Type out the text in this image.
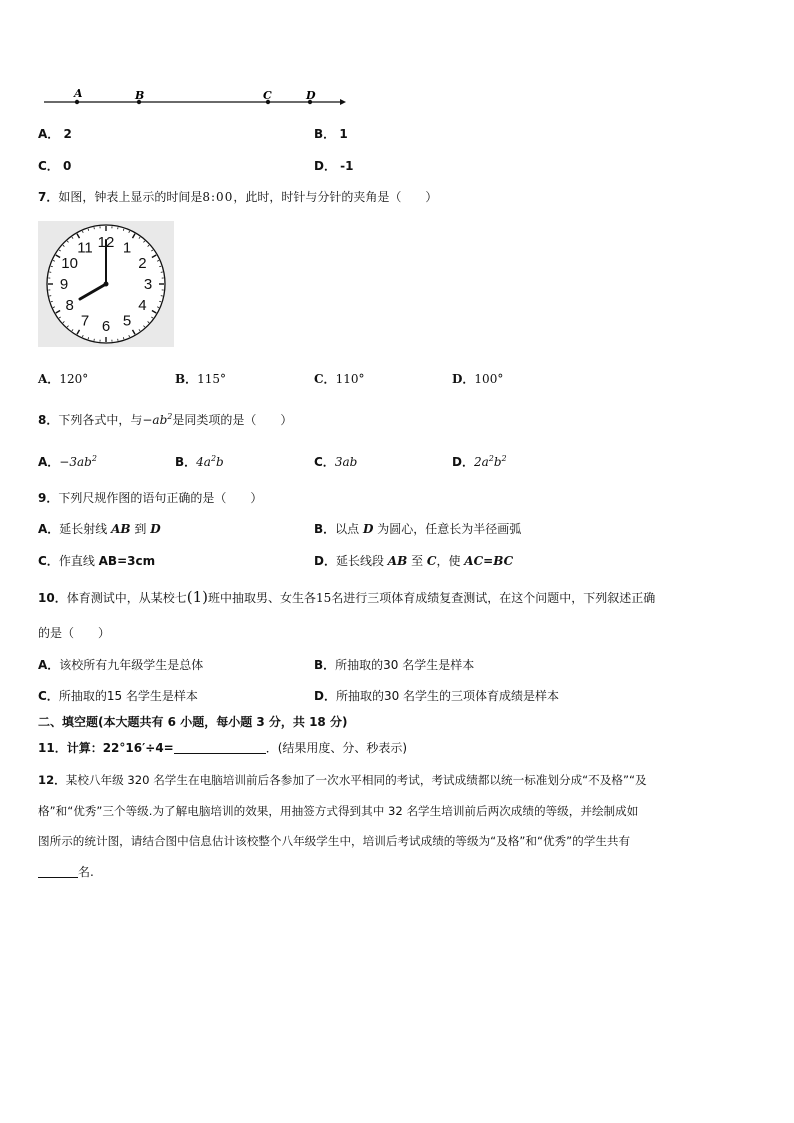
A	B	C	D
A． 2	B． 1
C． 0	D． -1
7．如图，钟表上显示的时间是8:00，此时，时针与分针的夹角是（　　）
12 1
2
3
4
5
6
7
8
9
10
11
A．120°	B．115°	C．110°	D．100°
8．下列各式中，与$-ab^2$是同类项的是（　　）
A．$-3ab^2$	B．$4a^2b$	C．3ab	D．$2a^2b^2$
9．下列尺规作图的语句正确的是（　　）
A．延长射线 AB 到 D	B．以点 D 为圆心，任意长为半径画弧
C．作直线 AB=3cm	D．延长线段 AB 至 C，使 AC=BC
10．体育测试中，从某校七(1)班中抽取男、女生各15名进行三项体育成绩复查测试，在这个问题中，下列叙述正确
的是（　　）
A．该校所有九年级学生是总体	B．所抽取的30 名学生是样本
C．所抽取的15 名学生是样本	D．所抽取的30 名学生的三项体育成绩是样本
二、填空题(本大题共有 6 小题，每小题 3 分，共 18 分)
11．计算：22°16′÷4=	．(结果用度、分、秒表示)
12．某校八年级 320 名学生在电脑培训前后各参加了一次水平相同的考试，考试成绩都以统一标准划分成“不及格”“及
格”和“优秀”三个等级.为了解电脑培训的效果，用抽签方式得到其中 32 名学生培训前后两次成绩的等级，并绘制成如
图所示的统计图，请结合图中信息估计该校整个八年级学生中，培训后考试成绩的等级为“及格”和“优秀”的学生共有
名.
